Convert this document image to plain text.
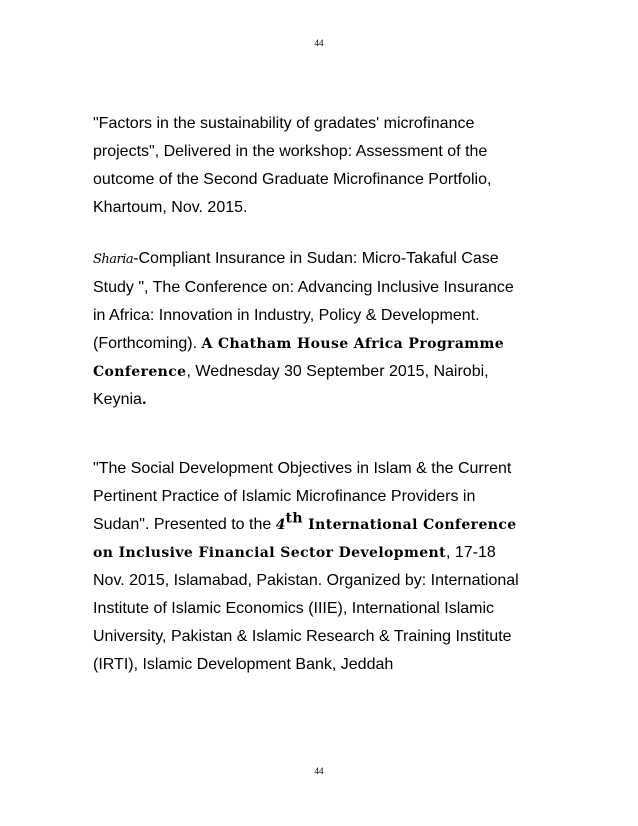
44
"Factors in the sustainability of gradates' microfinance
projects", Delivered in the workshop: Assessment of the
outcome of the Second Graduate Microfinance Portfolio,
Khartoum, Nov. 2015.
Sharia-Compliant Insurance in Sudan: Micro-Takaful Case
Study ", The Conference on: Advancing Inclusive Insurance
in Africa: Innovation in Industry, Policy & Development.
(Forthcoming). A Chatham House Africa Programme
Conference, Wednesday 30 September 2015, Nairobi,
Keynia.
"The Social Development Objectives in Islam & the Current
Pertinent Practice of Islamic Microfinance Providers in
Sudan". Presented to the 4th International Conference
on Inclusive Financial Sector Development, 17-18
Nov. 2015, Islamabad, Pakistan. Organized by: International
Institute of Islamic Economics (IIIE), International Islamic
University, Pakistan & Islamic Research & Training Institute
(IRTI), Islamic Development Bank, Jeddah
44
